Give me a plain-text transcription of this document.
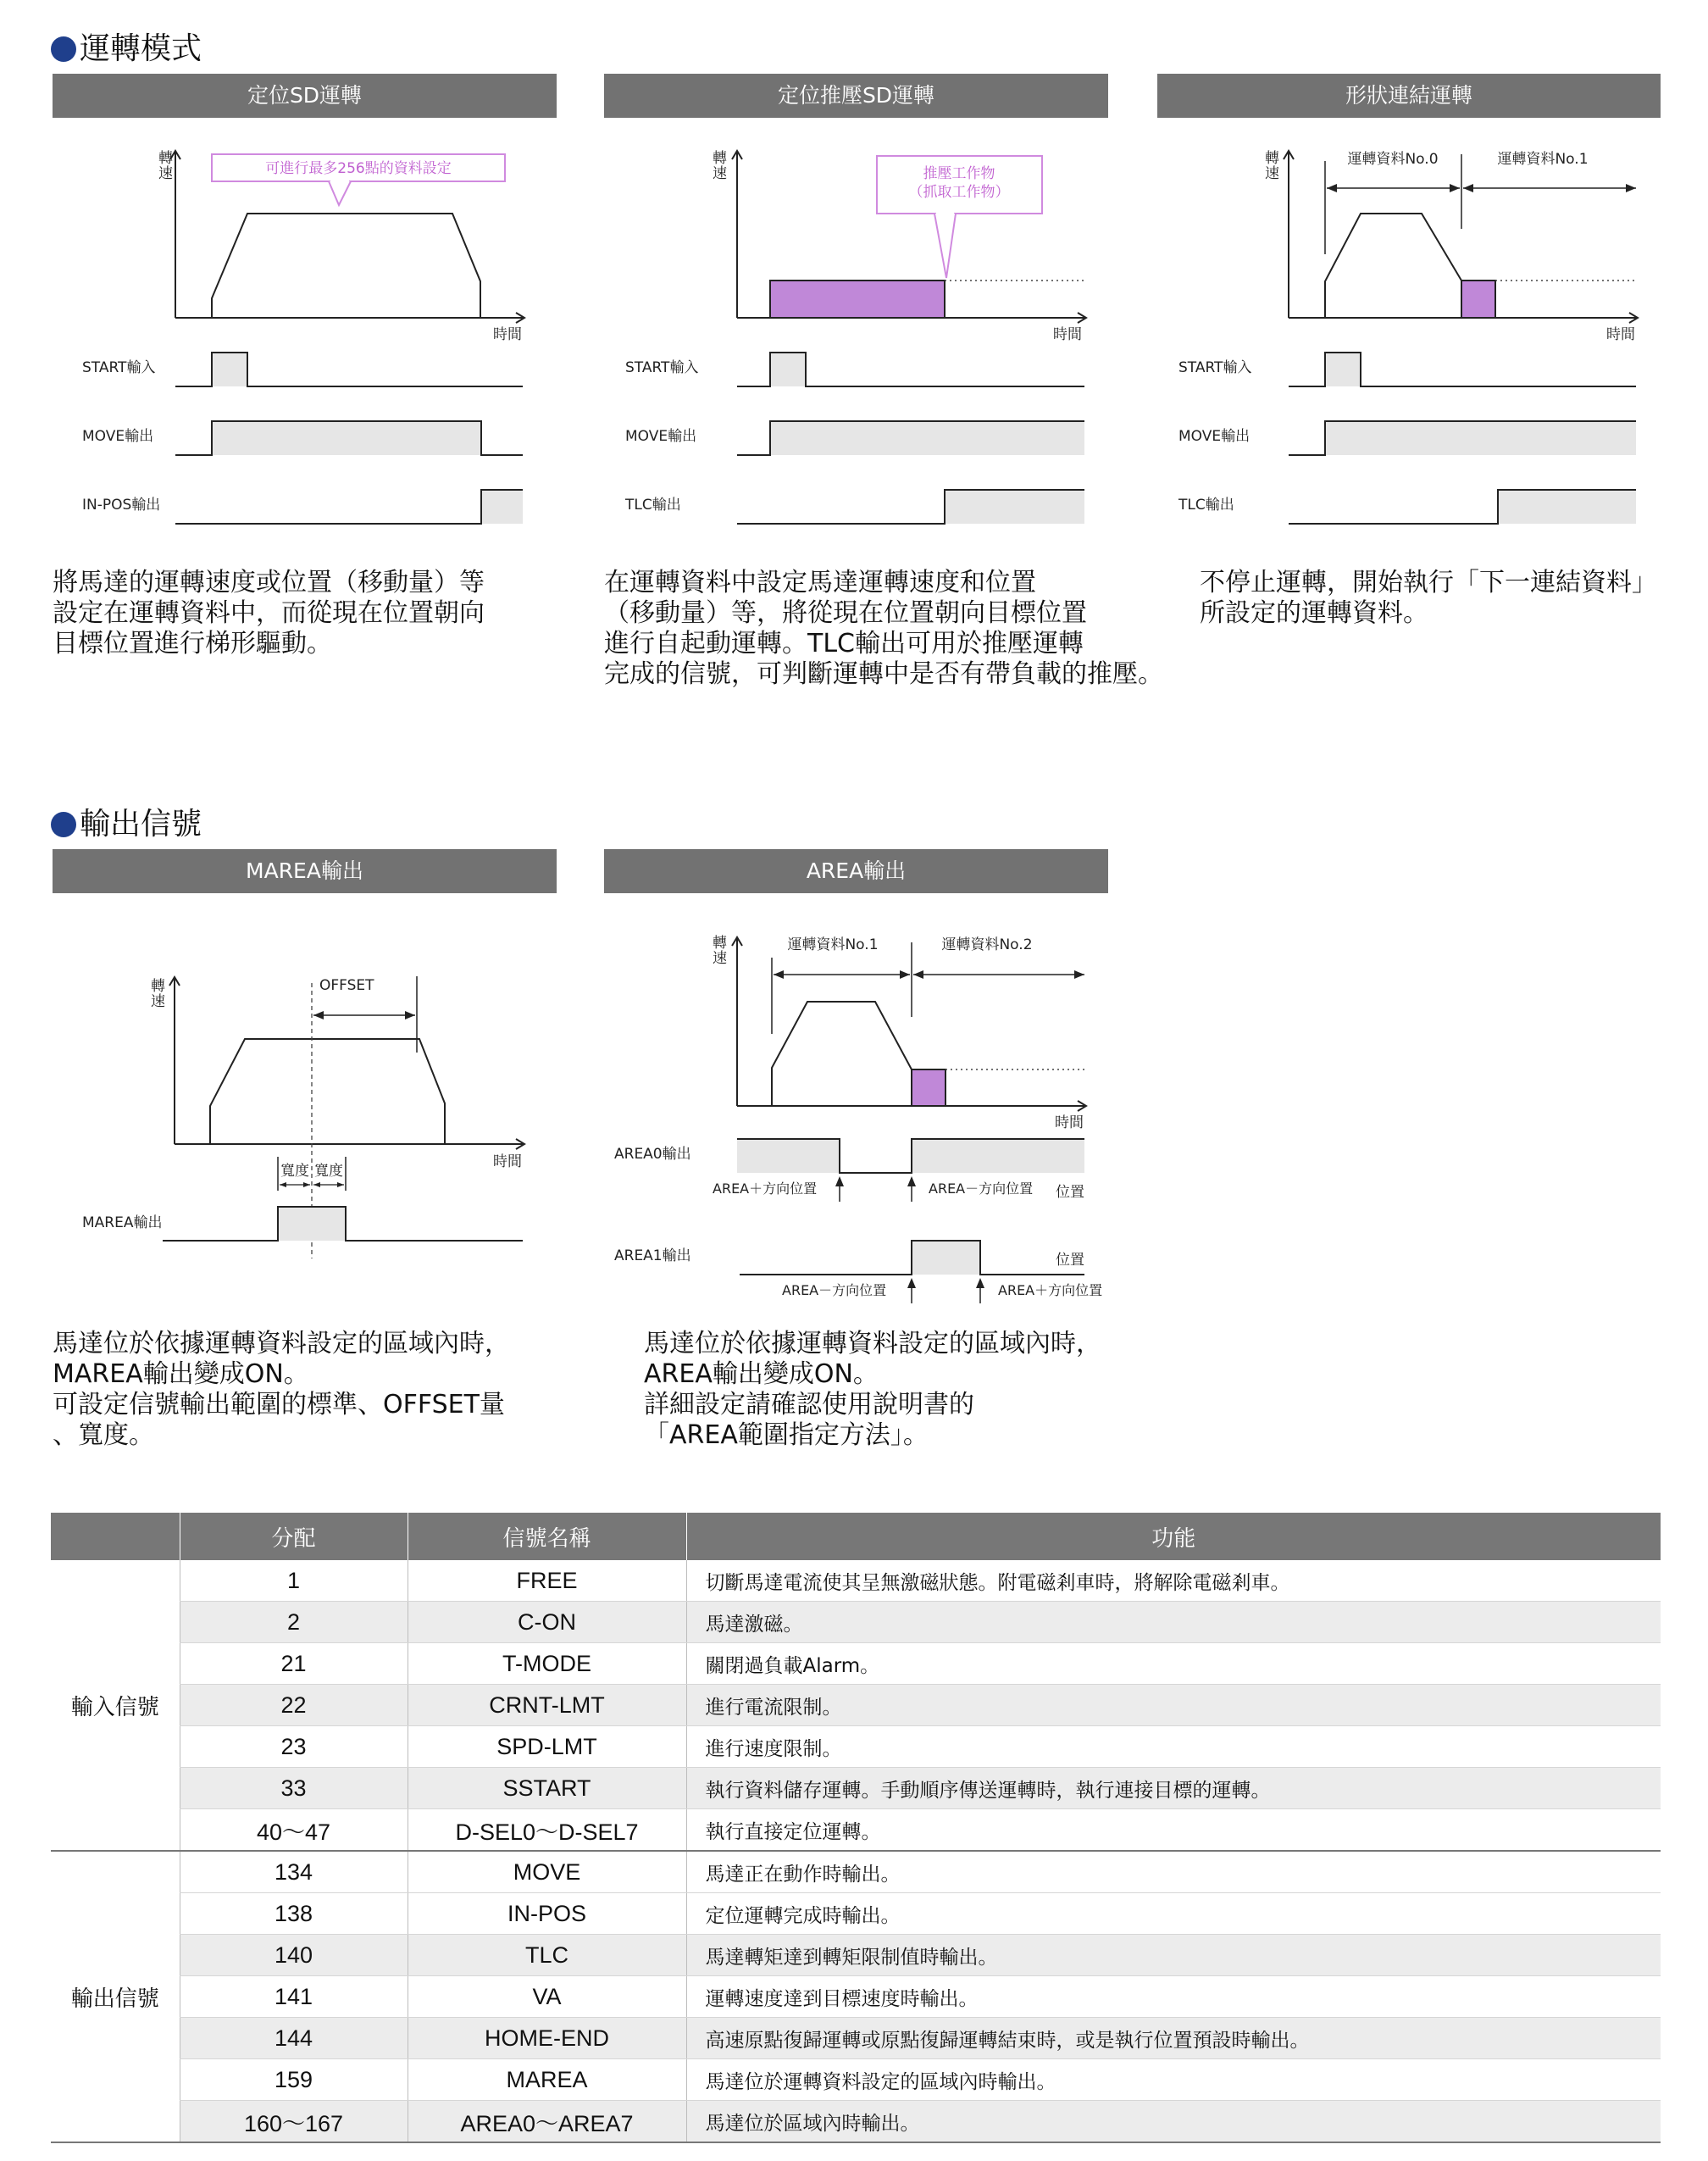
運轉模式
定位SD運轉	定位推壓SD運轉	形狀連結運轉
轉
速
時間
可進行最多256點的資料設定
START輸入
MOVE輸出
IN-POS輸出
轉
速
時間
推壓工作物
（抓取工作物）
START輸入
MOVE輸出
TLC輸出
轉
速
時間
運轉資料No.0	運轉資料No.1
START輸入
MOVE輸出
TLC輸出
將馬達的運轉速度或位置（移動量）等
設定在運轉資料中，而從現在位置朝向
目標位置進行梯形驅動。
在運轉資料中設定馬達運轉速度和位置
（移動量）等，將從現在位置朝向目標位置
進行自起動運轉。TLC輸出可用於推壓運轉
完成的信號，可判斷運轉中是否有帶負載的推壓。
不停止運轉，開始執行「下一連結資料」
所設定的運轉資料。
輸出信號
MAREA輸出	AREA輸出
轉
速
時間
OFFSET
寬度 寬度
MAREA輸出
轉
速
時間
運轉資料No.1	運轉資料No.2
AREA0輸出
AREA＋方向位置	AREA－方向位置 位置
AREA1輸出
AREA－方向位置	AREA＋方向位置
位置
馬達位於依據運轉資料設定的區域內時，
MAREA輸出變成ON。
可設定信號輸出範圍的標準、OFFSET量
、寬度。
馬達位於依據運轉資料設定的區域內時，
AREA輸出變成ON。
詳細設定請確認使用說明書的
「AREA範圍指定方法」。
	分配	信號名稱	功能
輸入信號	1	FREE	切斷馬達電流使其呈無激磁狀態。附電磁剎車時，將解除電磁剎車。
	2	C-ON	馬達激磁。
	21	T-MODE	關閉過負載Alarm。
	22	CRNT-LMT	進行電流限制。
	23	SPD-LMT	進行速度限制。
	33	SSTART	執行資料儲存運轉。手動順序傳送運轉時，執行連接目標的運轉。
	40～47	D-SEL0～D-SEL7	執行直接定位運轉。
輸出信號	134	MOVE	馬達正在動作時輸出。
	138	IN-POS	定位運轉完成時輸出。
	140	TLC	馬達轉矩達到轉矩限制值時輸出。
	141	VA	運轉速度達到目標速度時輸出。
	144	HOME-END	高速原點復歸運轉或原點復歸運轉結束時，或是執行位置預設時輸出。
	159	MAREA	馬達位於運轉資料設定的區域內時輸出。
	160～167	AREA0～AREA7	馬達位於區域內時輸出。
